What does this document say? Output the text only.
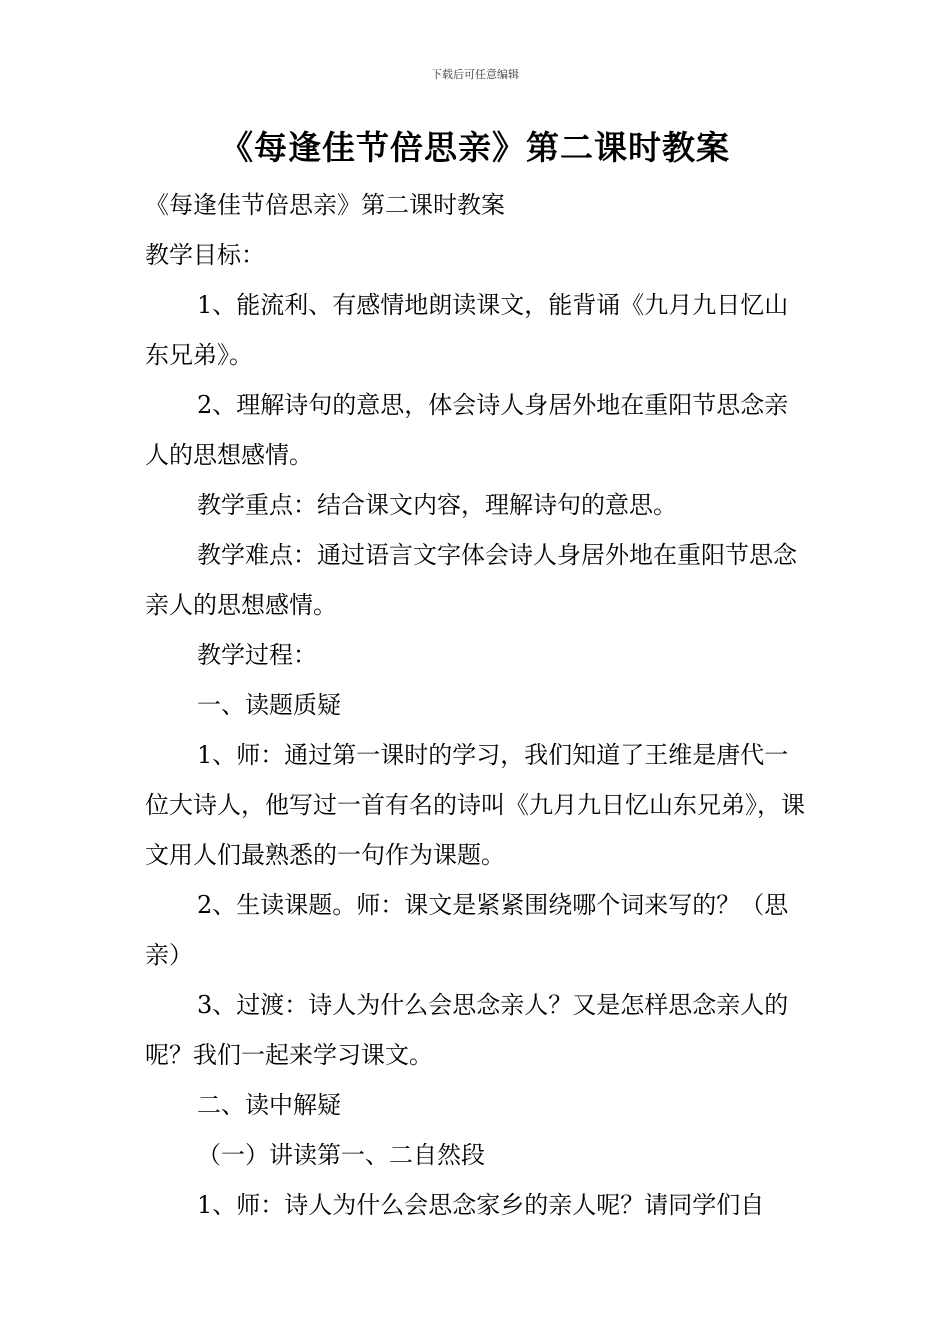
下载后可任意编辑
《每逢佳节倍思亲》第二课时教案

《每逢佳节倍思亲》第二课时教案

教学目标：

1、能流利、有感情地朗读课文，能背诵《九月九日忆山东兄弟》。

2、理解诗句的意思，体会诗人身居外地在重阳节思念亲人的思想感情。

教学重点：结合课文内容，理解诗句的意思。

教学难点：通过语言文字体会诗人身居外地在重阳节思念亲人的思想感情。

教学过程：

一、读题质疑

1、师：通过第一课时的学习，我们知道了王维是唐代一位大诗人，他写过一首有名的诗叫《九月九日忆山东兄弟》，课文用人们最熟悉的一句作为课题。

2、生读课题。师：课文是紧紧围绕哪个词来写的？（思亲）

3、过渡：诗人为什么会思念亲人？又是怎样思念亲人的呢？我们一起来学习课文。

二、读中解疑

（一）讲读第一、二自然段

1、师：诗人为什么会思念家乡的亲人呢？请同学们自
